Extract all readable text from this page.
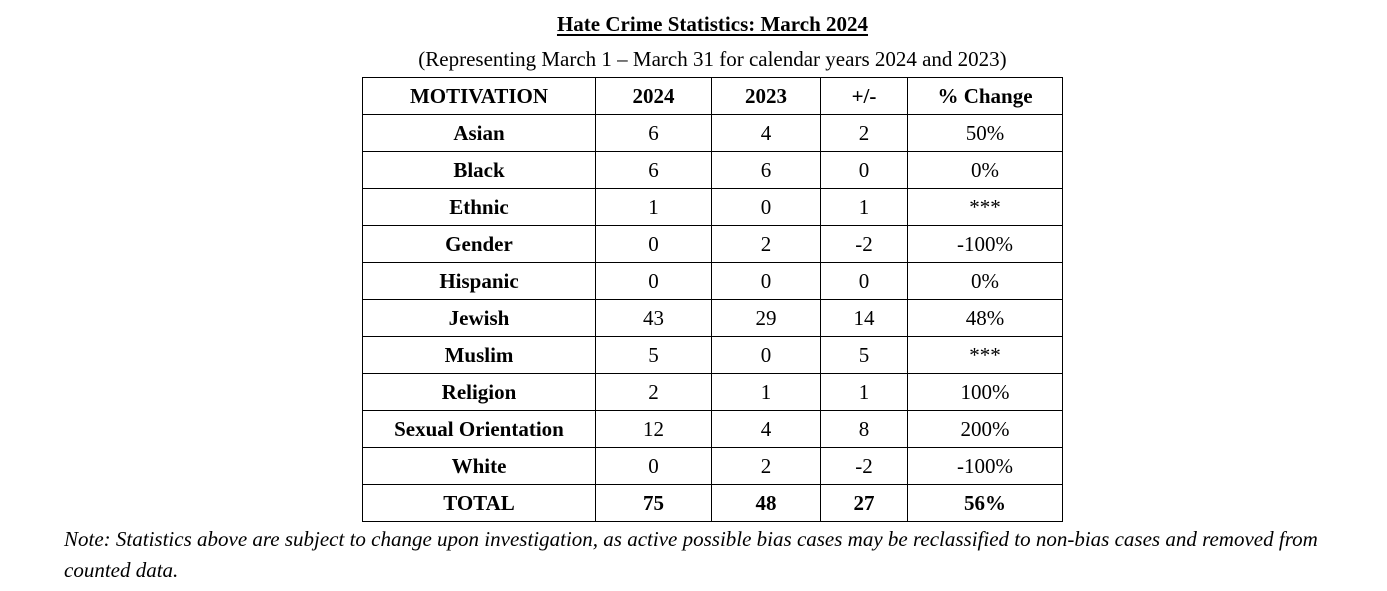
Hate Crime Statistics: March 2024
(Representing March 1 – March 31 for calendar years 2024 and 2023)
MOTIVATION	2024	2023	+/-	% Change
Asian	6	4	2	50%
Black	6	6	0	0%
Ethnic	1	0	1	***
Gender	0	2	-2	-100%
Hispanic	0	0	0	0%
Jewish	43	29	14	48%
Muslim	5	0	5	***
Religion	2	1	1	100%
Sexual Orientation	12	4	8	200%
White	0	2	-2	-100%
TOTAL	75	48	27	56%
Note: Statistics above are subject to change upon investigation, as active possible bias cases may be reclassified to non-bias cases and removed from counted data.
